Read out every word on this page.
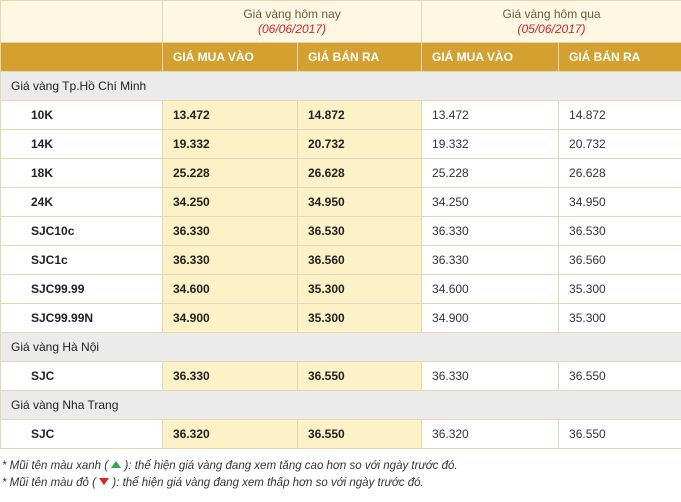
	Giá vàng hôm nay
(06/06/2017)		Giá vàng hôm qua
(05/06/2017)	

	GIÁ MUA VÀO	GIÁ BÁN RA	GIÁ MUA VÀO	GIÁ BÁN RA
Giá vàng Tp.Hồ Chí Minh				
10K	13.472	14.872	13.472	14.872
14K	19.332	20.732	19.332	20.732
18K	25.228	26.628	25.228	26.628
24K	34.250	34.950	34.250	34.950
SJC10c	36.330	36.530	36.330	36.530
SJC1c	36.330	36.560	36.330	36.560
SJC99.99	34.600	35.300	34.600	35.300
SJC99.99N	34.900	35.300	34.900	35.300
Giá vàng Hà Nội				
SJC	36.330	36.550	36.330	36.550
Giá vàng Nha Trang				
SJC	36.320	36.550	36.320	36.550
* Mũi tên màu xanh ( ): thể hiện giá vàng đang xem tăng cao hơn so với ngày trước đó.
* Mũi tên màu đỏ ( ): thể hiện giá vàng đang xem thấp hơn so với ngày trước đó.
